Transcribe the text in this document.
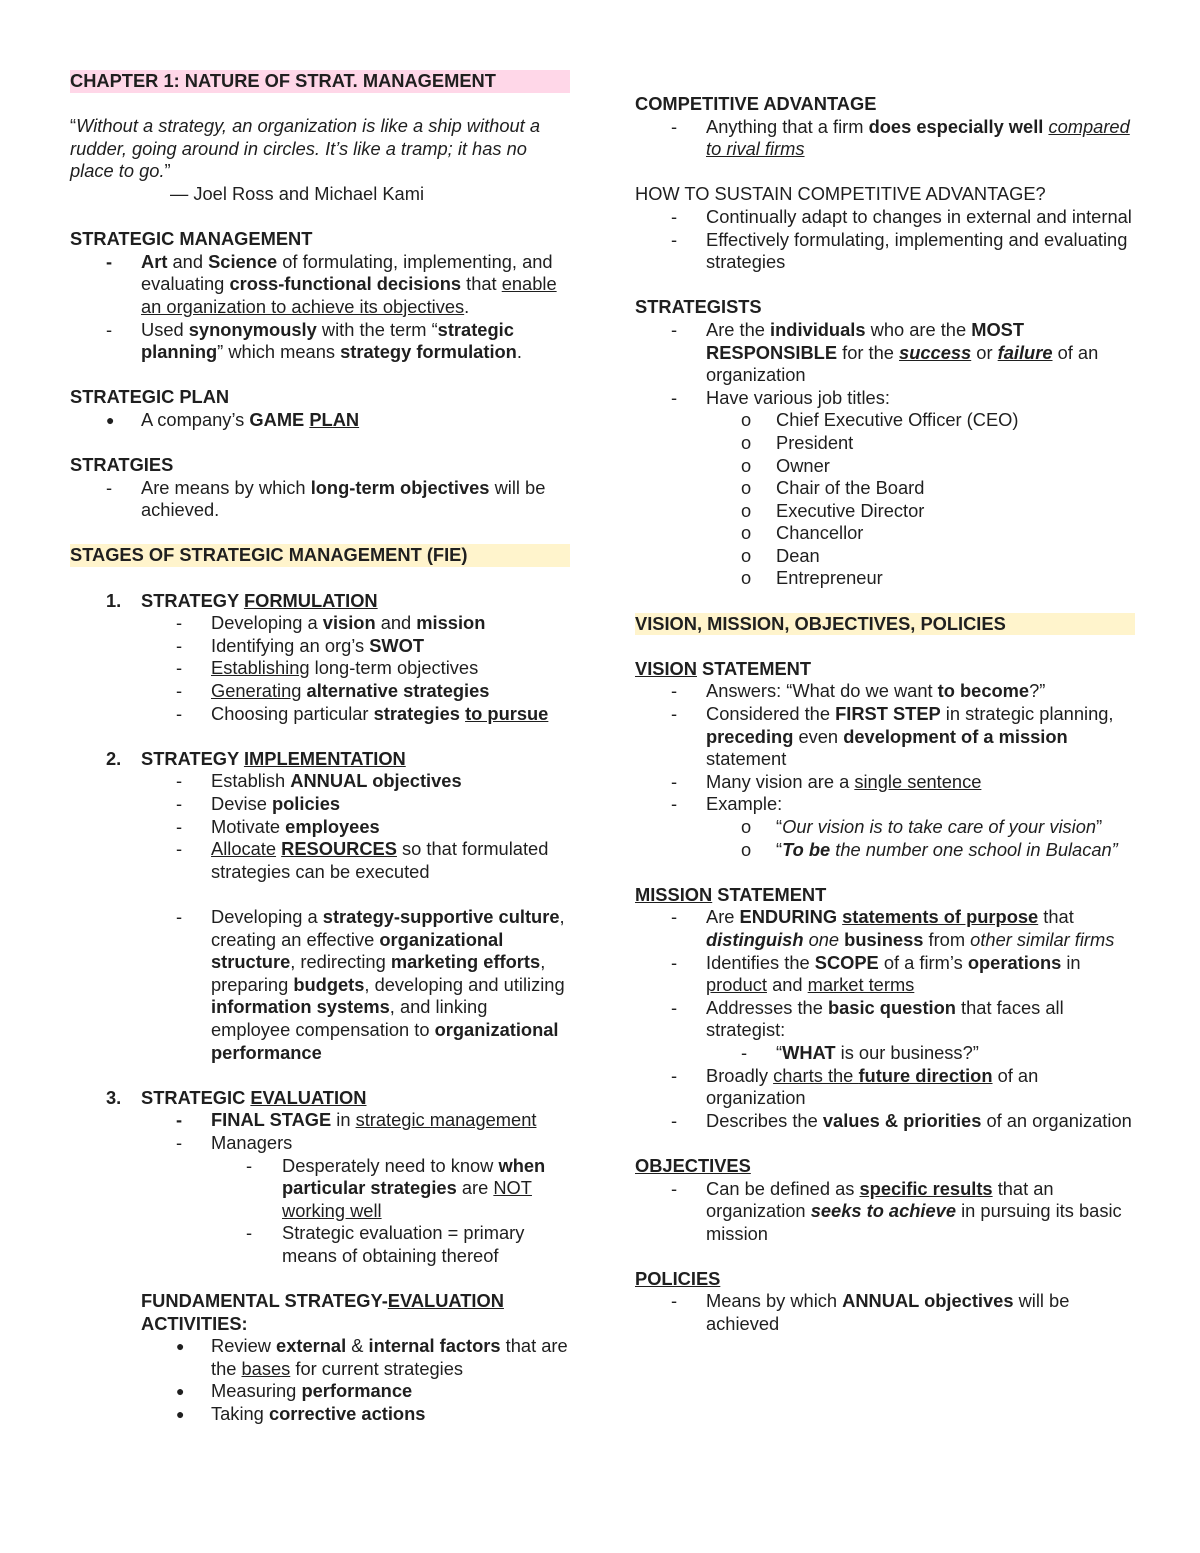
CHAPTER 1: NATURE OF STRAT. MANAGEMENT
“Without a strategy, an organization is like a ship without a rudder, going around in circles. It’s like a tramp; it has no place to go.”
— Joel Ross and Michael Kami
STRATEGIC MANAGEMENT
- Art and Science of formulating, implementing, and evaluating cross-functional decisions that enable an organization to achieve its objectives.
- Used synonymously with the term “strategic planning” which means strategy formulation.
STRATEGIC PLAN
● A company’s GAME PLAN
STRATGIES
- Are means by which long-term objectives will be achieved.
STAGES OF STRATEGIC MANAGEMENT (FIE)
1. STRATEGY FORMULATION
- Developing a vision and mission
- Identifying an org’s SWOT
- Establishing long-term objectives
- Generating alternative strategies
- Choosing particular strategies to pursue
2. STRATEGY IMPLEMENTATION
- Establish ANNUAL objectives
- Devise policies
- Motivate employees
- Allocate RESOURCES so that formulated strategies can be executed
- Developing a strategy-supportive culture, creating an effective organizational structure, redirecting marketing efforts, preparing budgets, developing and utilizing information systems, and linking employee compensation to organizational performance
3. STRATEGIC EVALUATION
- FINAL STAGE in strategic management
- Managers
- Desperately need to know when particular strategies are NOT working well
- Strategic evaluation = primary means of obtaining thereof
FUNDAMENTAL STRATEGY-EVALUATION ACTIVITIES:
● Review external & internal factors that are the bases for current strategies
● Measuring performance
● Taking corrective actions
COMPETITIVE ADVANTAGE
- Anything that a firm does especially well compared to rival firms
HOW TO SUSTAIN COMPETITIVE ADVANTAGE?
- Continually adapt to changes in external and internal
- Effectively formulating, implementing and evaluating strategies
STRATEGISTS
- Are the individuals who are the MOST RESPONSIBLE for the success or failure of an organization
- Have various job titles:
o Chief Executive Officer (CEO)
o President
o Owner
o Chair of the Board
o Executive Director
o Chancellor
o Dean
o Entrepreneur
VISION, MISSION, OBJECTIVES, POLICIES
VISION STATEMENT
- Answers: “What do we want to become?”
- Considered the FIRST STEP in strategic planning, preceding even development of a mission statement
- Many vision are a single sentence
- Example:
o “Our vision is to take care of your vision”
o “To be the number one school in Bulacan”
MISSION STATEMENT
- Are ENDURING statements of purpose that distinguish one business from other similar firms
- Identifies the SCOPE of a firm’s operations in product and market terms
- Addresses the basic question that faces all strategist:
- “WHAT is our business?”
- Broadly charts the future direction of an organization
- Describes the values & priorities of an organization
OBJECTIVES
- Can be defined as specific results that an organization seeks to achieve in pursuing its basic mission
POLICIES
- Means by which ANNUAL objectives will be achieved
